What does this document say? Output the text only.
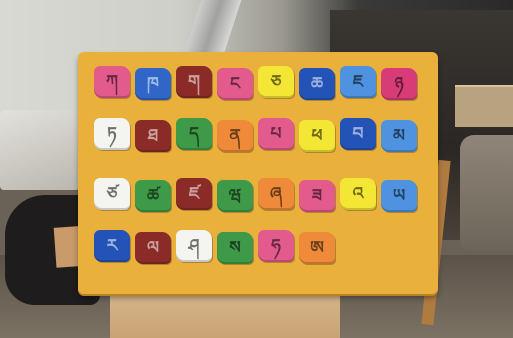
ཀ ཁ ག ང ཅ ཆ ཇ ཉ
ཏ ཐ ད ན པ ཕ བ མ
ཙ ཚ ཛ ཝ ཞ ཟ འ ཡ
ར ལ ཤ ས ཧ ཨ
